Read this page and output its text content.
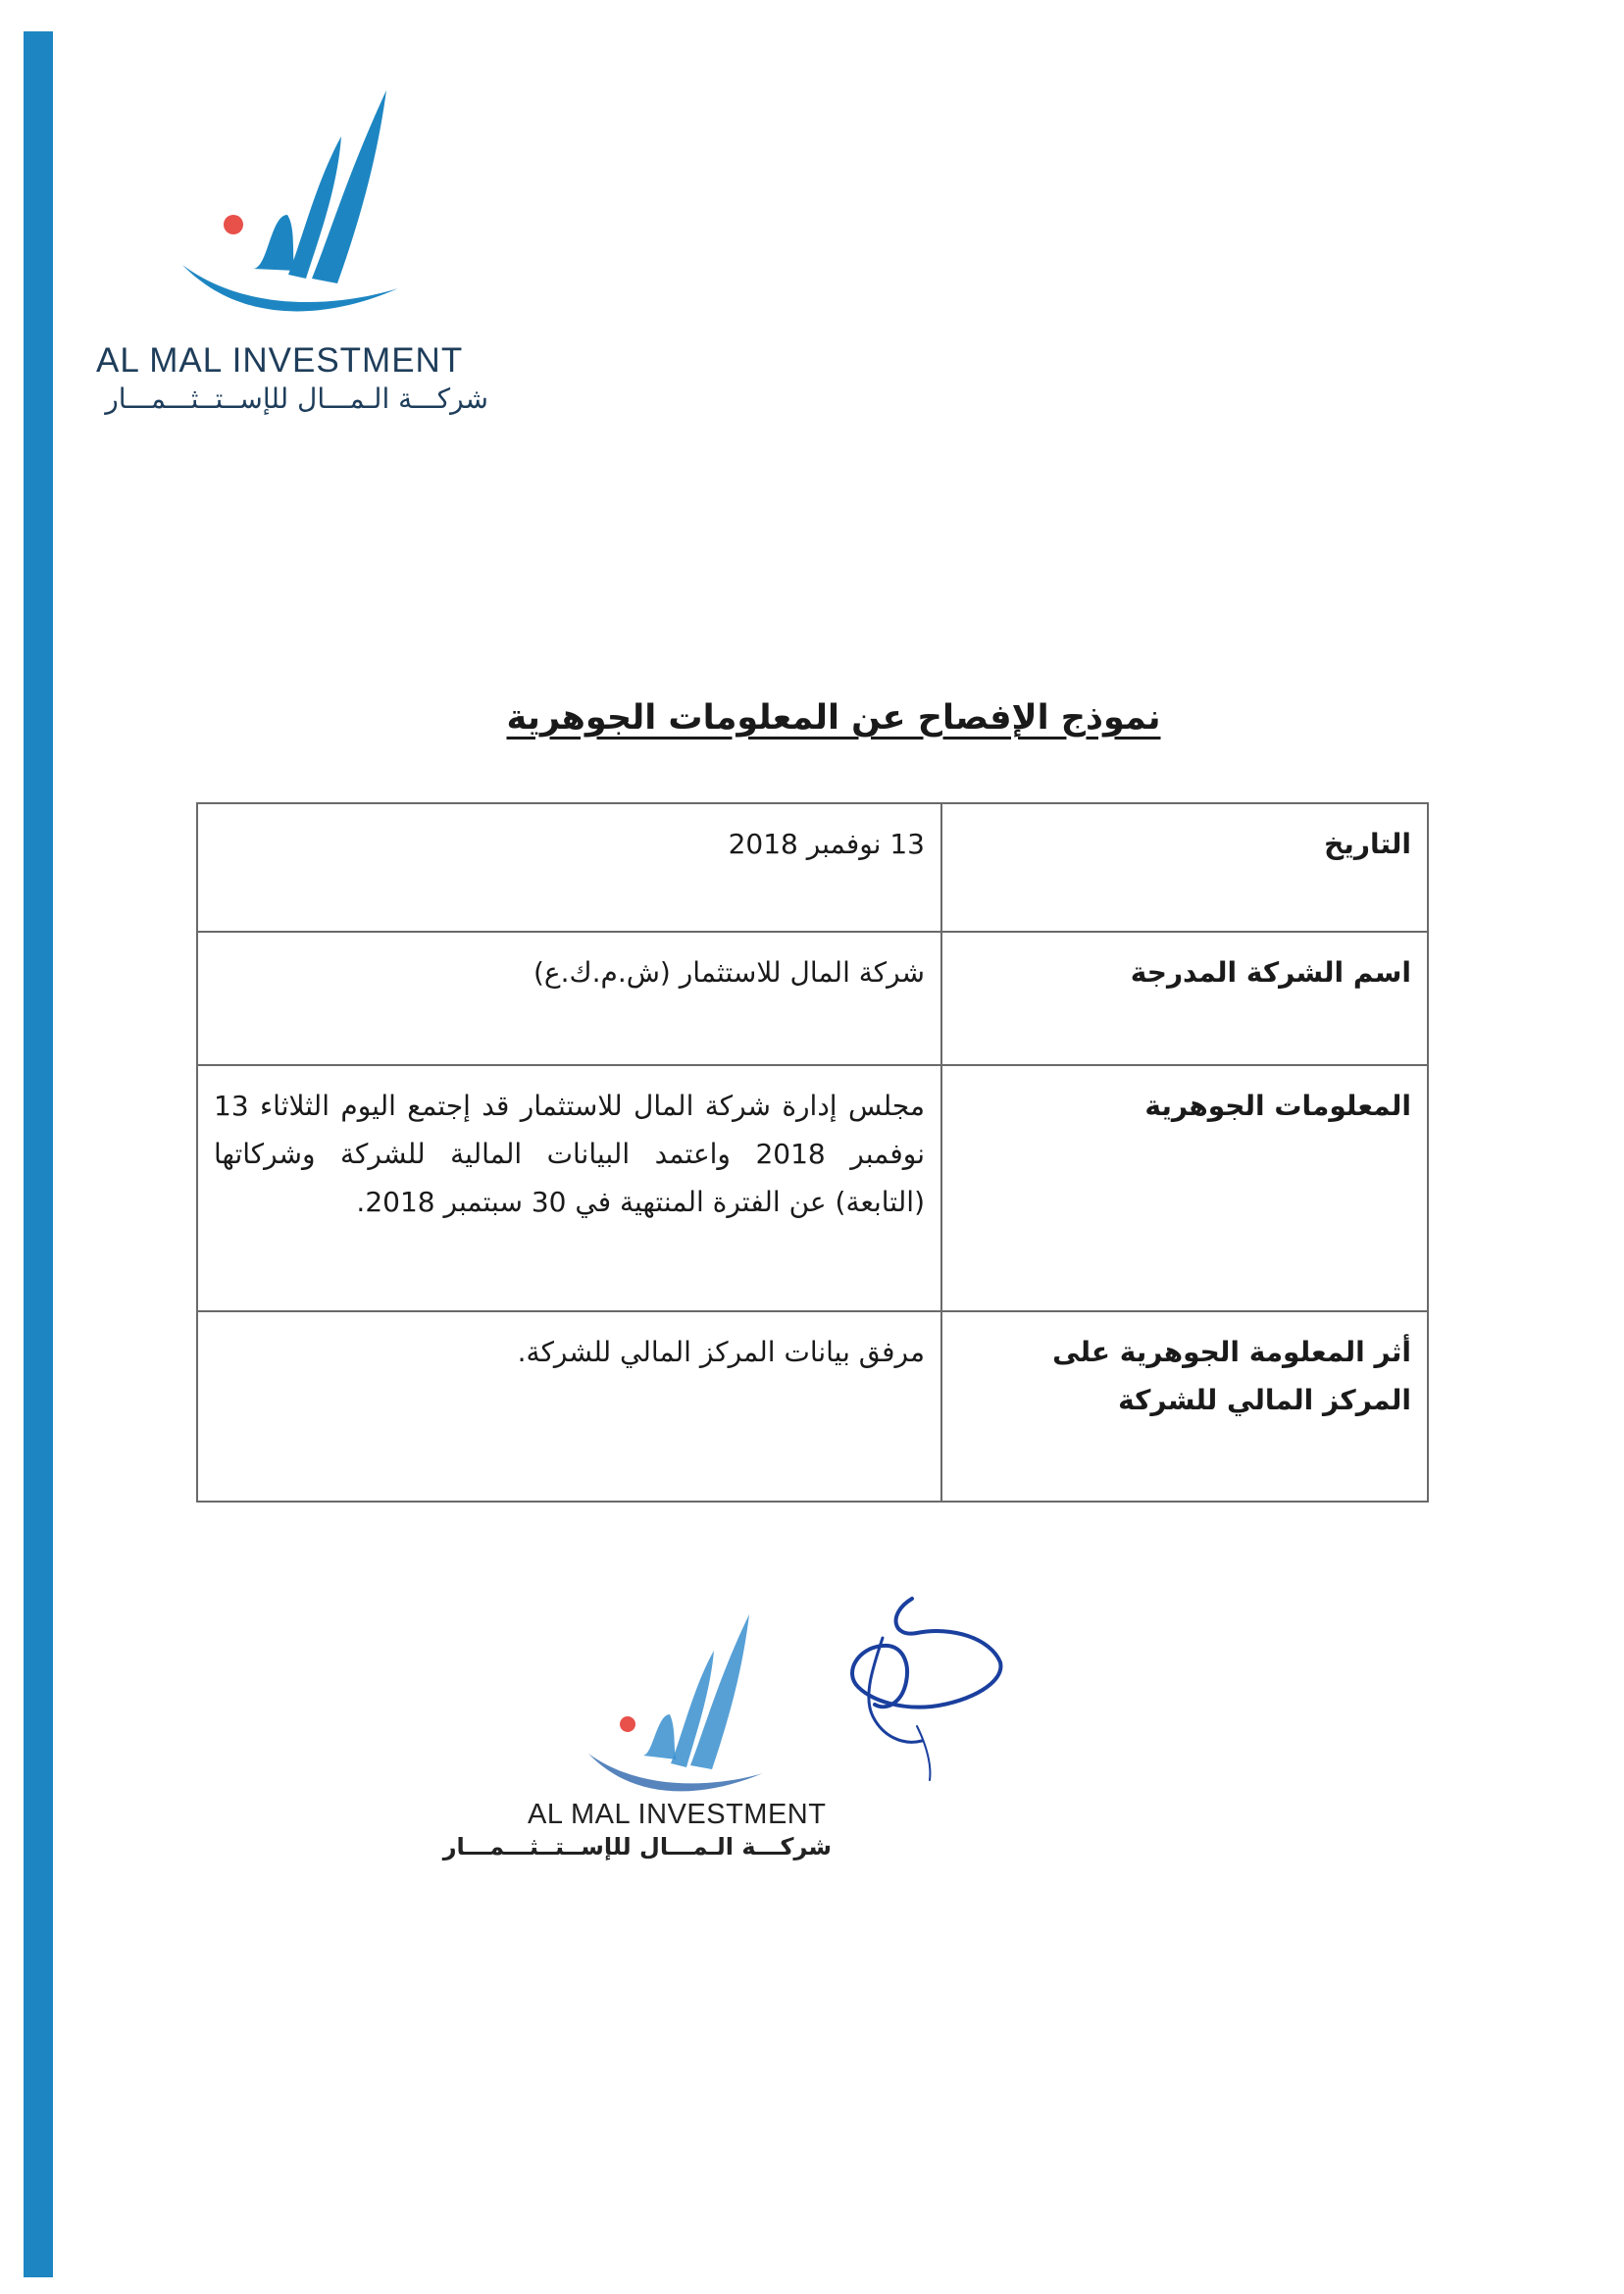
AL MAL INVESTMENT
شركـــة الـمـــال للإســتــثـــمـــار
نموذج الإفصاح عن المعلومات الجوهرية
التاريخ	13 نوفمبر 2018
اسم الشركة المدرجة	شركة المال للاستثمار (ش.م.ك.ع)
المعلومات الجوهرية	مجلس إدارة شركة المال للاستثمار قد إجتمع اليوم الثلاثاء 13 نوفمبر 2018 واعتمد البيانات المالية للشركة وشركاتها (التابعة) عن الفترة المنتهية في 30 سبتمبر 2018.
أثر المعلومة الجوهرية على المركز المالي للشركة	مرفق بيانات المركز المالي للشركة.
AL MAL INVESTMENT
شركـــة الـمـــال للإســتــثـــمـــار
